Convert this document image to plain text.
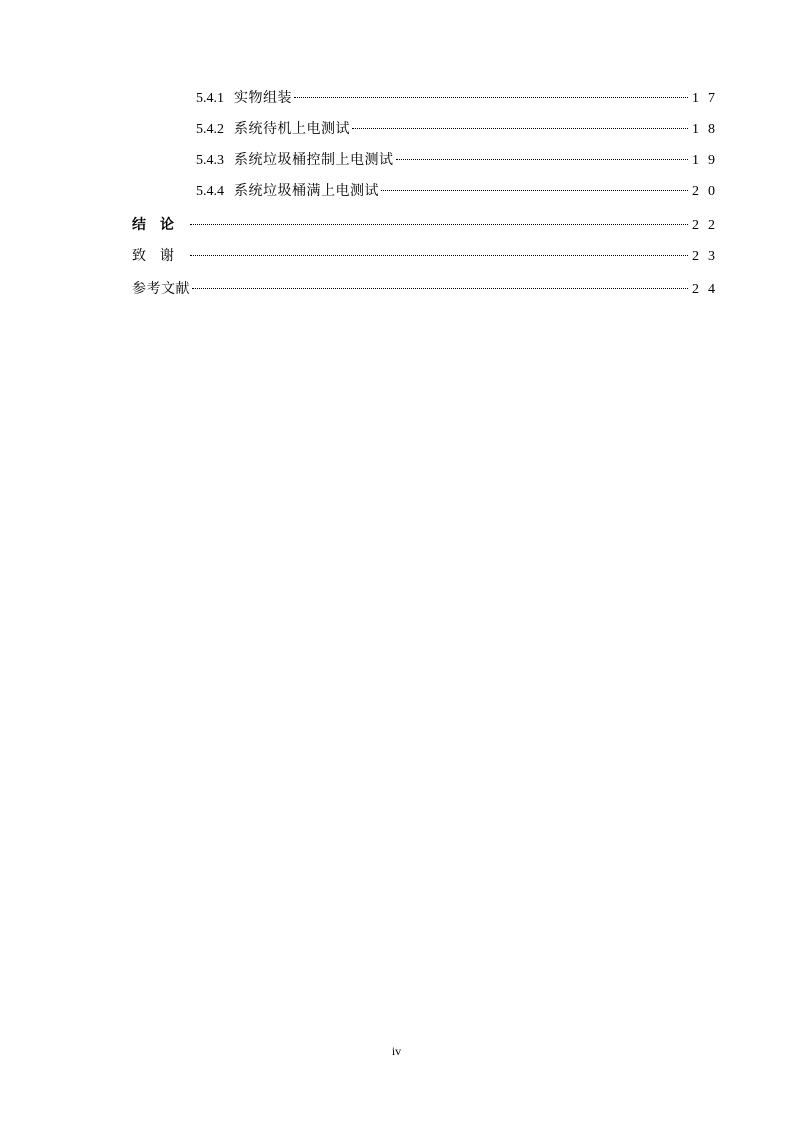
5.4.1 实物组装	17
5.4.2 系统待机上电测试	18
5.4.3 系统垃圾桶控制上电测试	19
5.4.4 系统垃圾桶满上电测试	20
结论	22
致谢	23
参考文献	24
iv
